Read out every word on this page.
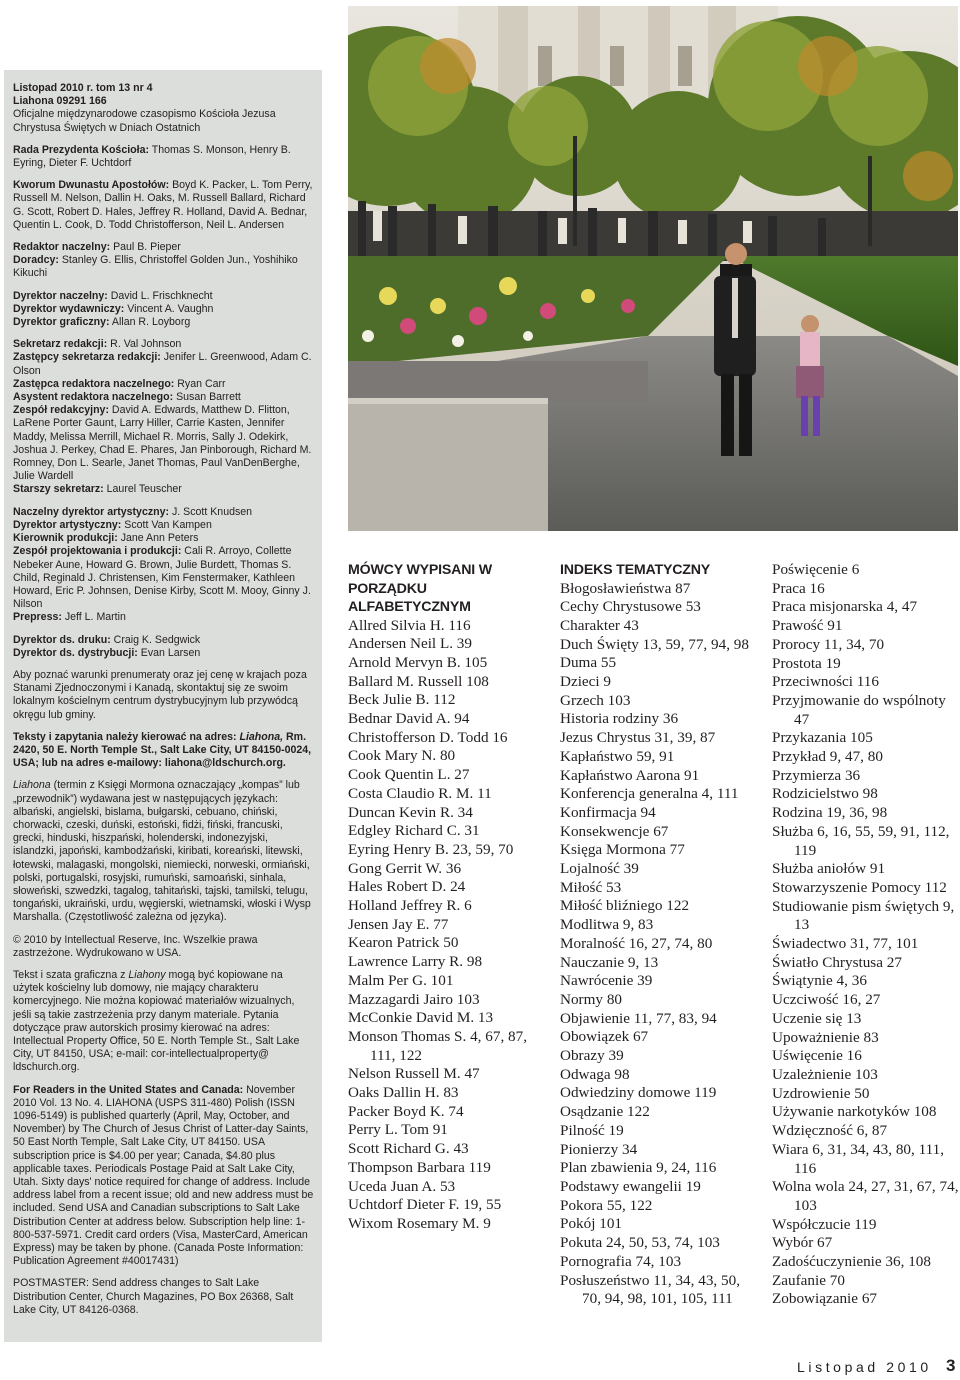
Listopad 2010 r. tom 13 nr 4

Liahona 09291 166

Oficjalne międzynarodowe czasopismo Kościoła Jezusa

Chrystusa Świętych w Dniach Ostatnich

Rada Prezydenta Kościoła: Thomas S. Monson, Henry B. Eyring, Dieter F. Uchtdorf

Kworum Dwunastu Apostołów: Boyd K. Packer, L. Tom Perry, Russell M. Nelson, Dallin H. Oaks, M. Russell Ballard, Richard G. Scott, Robert D. Hales, Jeffrey R. Holland, David A. Bednar, Quentin L. Cook, D. Todd Christofferson, Neil L. Andersen

Redaktor naczelny: Paul B. Pieper

Doradcy: Stanley G. Ellis, Christoffel Golden Jun., Yoshihiko Kikuchi

Dyrektor naczelny: David L. Frischknecht

Dyrektor wydawniczy: Vincent A. Vaughn

Dyrektor graficzny: Allan R. Loyborg

Sekretarz redakcji: R. Val Johnson

Zastępcy sekretarza redakcji: Jenifer L. Greenwood, Adam C. Olson

Zastępca redaktora naczelnego: Ryan Carr

Asystent redaktora naczelnego: Susan Barrett

Zespół redakcyjny: David A. Edwards, Matthew D. Flitton, LaRene Porter Gaunt, Larry Hiller, Carrie Kasten, Jennifer Maddy, Melissa Merrill, Michael R. Morris, Sally J. Odekirk, Joshua J. Perkey, Chad E. Phares, Jan Pinborough, Richard M. Romney, Don L. Searle, Janet Thomas, Paul VanDenBerghe, Julie Wardell

Starszy sekretarz: Laurel Teuscher

Naczelny dyrektor artystyczny: J. Scott Knudsen

Dyrektor artystyczny: Scott Van Kampen

Kierownik produkcji: Jane Ann Peters

Zespół projektowania i produkcji: Cali R. Arroyo, Collette Nebeker Aune, Howard G. Brown, Julie Burdett, Thomas S. Child, Reginald J. Christensen, Kim Fenstermaker, Kathleen Howard, Eric P. Johnsen, Denise Kirby, Scott M. Mooy, Ginny J. Nilson

Prepress: Jeff L. Martin

Dyrektor ds. druku: Craig K. Sedgwick

Dyrektor ds. dystrybucji: Evan Larsen

Aby poznać warunki prenumeraty oraz jej cenę w krajach poza Stanami Zjednoczonymi i Kanadą, skontaktuj się ze swoim lokalnym kościelnym centrum dystrybucyjnym lub przywódcą okręgu lub gminy.

Teksty i zapytania należy kierować na adres: Liahona, Rm. 2420, 50 E. North Temple St., Salt Lake City, UT 84150-0024, USA; lub na adres e-mailowy: liahona@ldschurch.org.

Liahona (termin z Księgi Mormona oznaczający „kompas” lub „przewodnik”) wydawana jest w następujących językach: albański, angielski, bislama, bułgarski, cebuano, chiński, chorwacki, czeski, duński, estoński, fidżi, fiński, francuski, grecki, hinduski, hiszpański, holenderski, indonezyjski, islandzki, japoński, kambodżański, kiribati, koreański, litewski, łotewski, malagaski, mongolski, niemiecki, norweski, ormiański, polski, portugalski, rosyjski, rumuński, samoański, sinhala, słoweński, szwedzki, tagalog, tahitański, tajski, tamilski, telugu, tongański, ukraiński, urdu, węgierski, wietnamski, włoski i Wysp Marshalla. (Częstotliwość zależna od języka).

© 2010 by Intellectual Reserve, Inc. Wszelkie prawa zastrzeżone. Wydrukowano w USA.

Tekst i szata graficzna z Liahony mogą być kopiowane na użytek kościelny lub domowy, nie mający charakteru komercyjnego. Nie można kopiować materiałów wizualnych, jeśli są takie zastrzeżenia przy danym materiale. Pytania dotyczące praw autorskich prosimy kierować na adres: Intellectual Property Office, 50 E. North Temple St., Salt Lake City, UT 84150, USA; e-mail: cor-intellectualproperty@ ldschurch.org.

For Readers in the United States and Canada: November 2010 Vol. 13 No. 4. LIAHONA (USPS 311-480) Polish (ISSN 1096-5149) is published quarterly (April, May, October, and November) by The Church of Jesus Christ of Latter-day Saints, 50 East North Temple, Salt Lake City, UT 84150. USA subscription price is $4.00 per year; Canada, $4.80 plus applicable taxes. Periodicals Postage Paid at Salt Lake City, Utah. Sixty days' notice required for change of address. Include address label from a recent issue; old and new address must be included. Send USA and Canadian subscriptions to Salt Lake Distribution Center at address below. Subscription help line: 1-800-537-5971. Credit card orders (Visa, MasterCard, American Express) may be taken by phone. (Canada Poste Information: Publication Agreement #40017431)

POSTMASTER: Send address changes to Salt Lake Distribution Center, Church Magazines, PO Box 26368, Salt Lake City, UT 84126-0368.

MÓWCY WYPISANI W
PORZĄDKU ALFABETYCZNYM
Allred Silvia H. 116
Andersen Neil L. 39
Arnold Mervyn B. 105
Ballard M. Russell 108
Beck Julie B. 112
Bednar David A. 94
Christofferson D. Todd 16
Cook Mary N. 80
Cook Quentin L. 27
Costa Claudio R. M. 11
Duncan Kevin R. 34
Edgley Richard C. 31
Eyring Henry B. 23, 59, 70
Gong Gerrit W. 36
Hales Robert D. 24
Holland Jeffrey R. 6
Jensen Jay E. 77
Kearon Patrick 50
Lawrence Larry R. 98
Malm Per G. 101
Mazzagardi Jairo 103
McConkie David M. 13
Monson Thomas S. 4, 67, 87, 111, 122
Nelson Russell M. 47
Oaks Dallin H. 83
Packer Boyd K. 74
Perry L. Tom 91
Scott Richard G. 43
Thompson Barbara 119
Uceda Juan A. 53
Uchtdorf Dieter F. 19, 55
Wixom Rosemary M. 9
INDEKS TEMATYCZNY
Błogosławieństwa 87
Cechy Chrystusowe 53
Charakter 43
Duch Święty 13, 59, 77, 94, 98
Duma 55
Dzieci 9
Grzech 103
Historia rodziny 36
Jezus Chrystus 31, 39, 87
Kapłaństwo 59, 91
Kapłaństwo Aarona 91
Konferencja generalna 4, 111
Konfirmacja 94
Konsekwencje 67
Księga Mormona 77
Lojalność 39
Miłość 53
Miłość bliźniego 122
Modlitwa 9, 83
Moralność 16, 27, 74, 80
Nauczanie 9, 13
Nawrócenie 39
Normy 80
Objawienie 11, 77, 83, 94
Obowiązek 67
Obrazy 39
Odwaga 98
Odwiedziny domowe 119
Osądzanie 122
Pilność 19
Pionierzy 34
Plan zbawienia 9, 24, 116
Podstawy ewangelii 19
Pokora 55, 122
Pokój 101
Pokuta 24, 50, 53, 74, 103
Pornografia 74, 103
Posłuszeństwo 11, 34, 43, 50, 70, 94, 98, 101, 105, 111
Poświęcenie 6
Praca 16
Praca misjonarska 4, 47
Prawość 91
Prorocy 11, 34, 70
Prostota 19
Przeciwności 116
Przyjmowanie do wspólnoty 47
Przykazania 105
Przykład 9, 47, 80
Przymierza 36
Rodzicielstwo 98
Rodzina 19, 36, 98
Służba 6, 16, 55, 59, 91, 112, 119
Służba aniołów 91
Stowarzyszenie Pomocy 112
Studiowanie pism świętych 9, 13
Świadectwo 31, 77, 101
Światło Chrystusa 27
Świątynie 4, 36
Uczciwość 16, 27
Uczenie się 13
Upoważnienie 83
Uświęcenie 16
Uzależnienie 103
Uzdrowienie 50
Używanie narkotyków 108
Wdzięczność 6, 87
Wiara 6, 31, 34, 43, 80, 111, 116
Wolna wola 24, 27, 31, 67, 74, 103
Współczucie 119
Wybór 67
Zadośćuczynienie 36, 108
Zaufanie 70
Zobowiązanie 67
Listopad 2010 3
